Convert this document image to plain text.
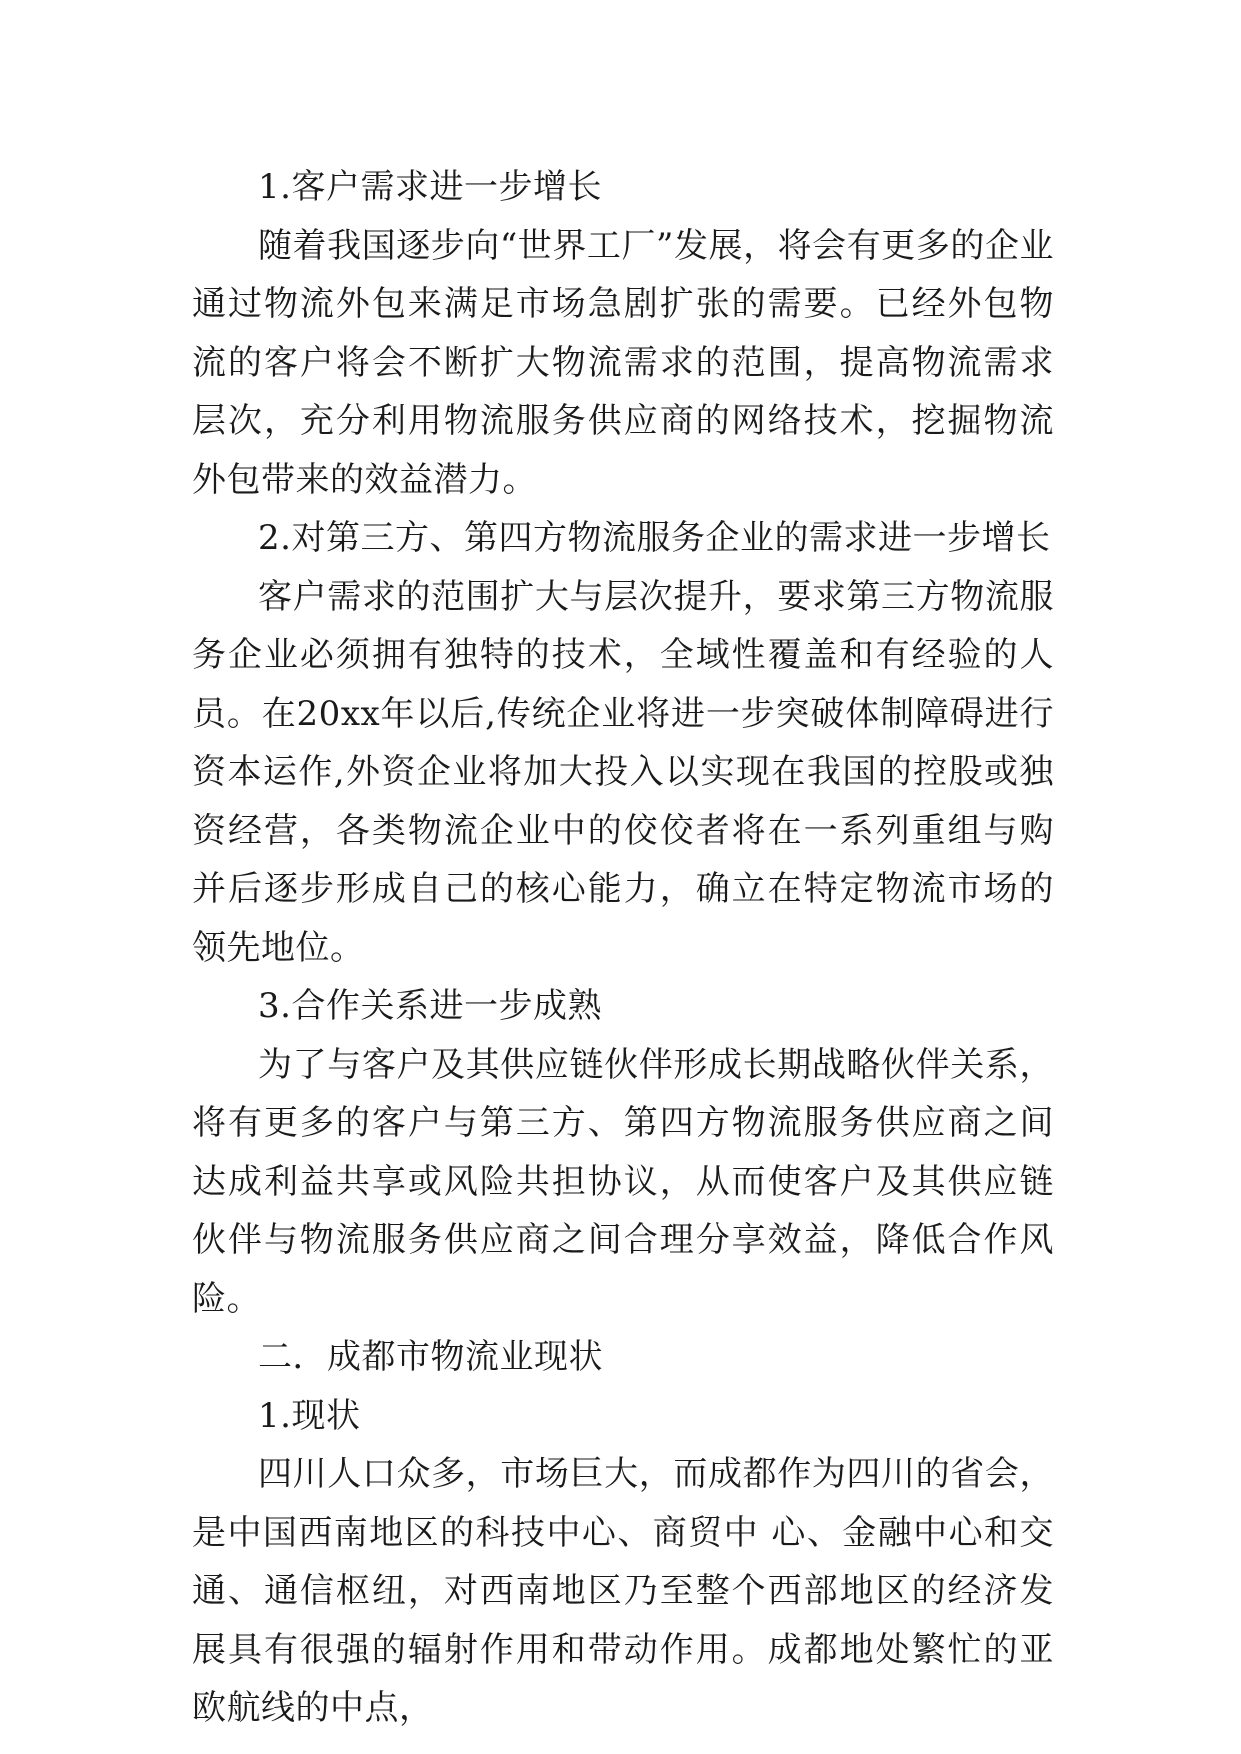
1.客户需求进一步增长

随着我国逐步向“世界工厂”发展，将会有更多的企业通过物流外包来满足市场急剧扩张的需要。已经外包物流的客户将会不断扩大物流需求的范围，提高物流需求层次，充分利用物流服务供应商的网络技术，挖掘物流外包带来的效益潜力。

2.对第三方、第四方物流服务企业的需求进一步增长

客户需求的范围扩大与层次提升，要求第三方物流服务企业必须拥有独特的技术，全域性覆盖和有经验的人员。在20xx年以后,传统企业将进一步突破体制障碍进行资本运作,外资企业将加大投入以实现在我国的控股或独资经营，各类物流企业中的佼佼者将在一系列重组与购并后逐步形成自己的核心能力，确立在特定物流市场的领先地位。

3.合作关系进一步成熟

为了与客户及其供应链伙伴形成长期战略伙伴关系，将有更多的客户与第三方、第四方物流服务供应商之间达成利益共享或风险共担协议，从而使客户及其供应链伙伴与物流服务供应商之间合理分享效益，降低合作风险。

二．成都市物流业现状

1.现状

四川人口众多，市场巨大，而成都作为四川的省会，是中国西南地区的科技中心、商贸中 心、金融中心和交通、通信枢纽，对西南地区乃至整个西部地区的经济发展具有很强的辐射作用和带动作用。成都地处繁忙的亚欧航线的中点，
